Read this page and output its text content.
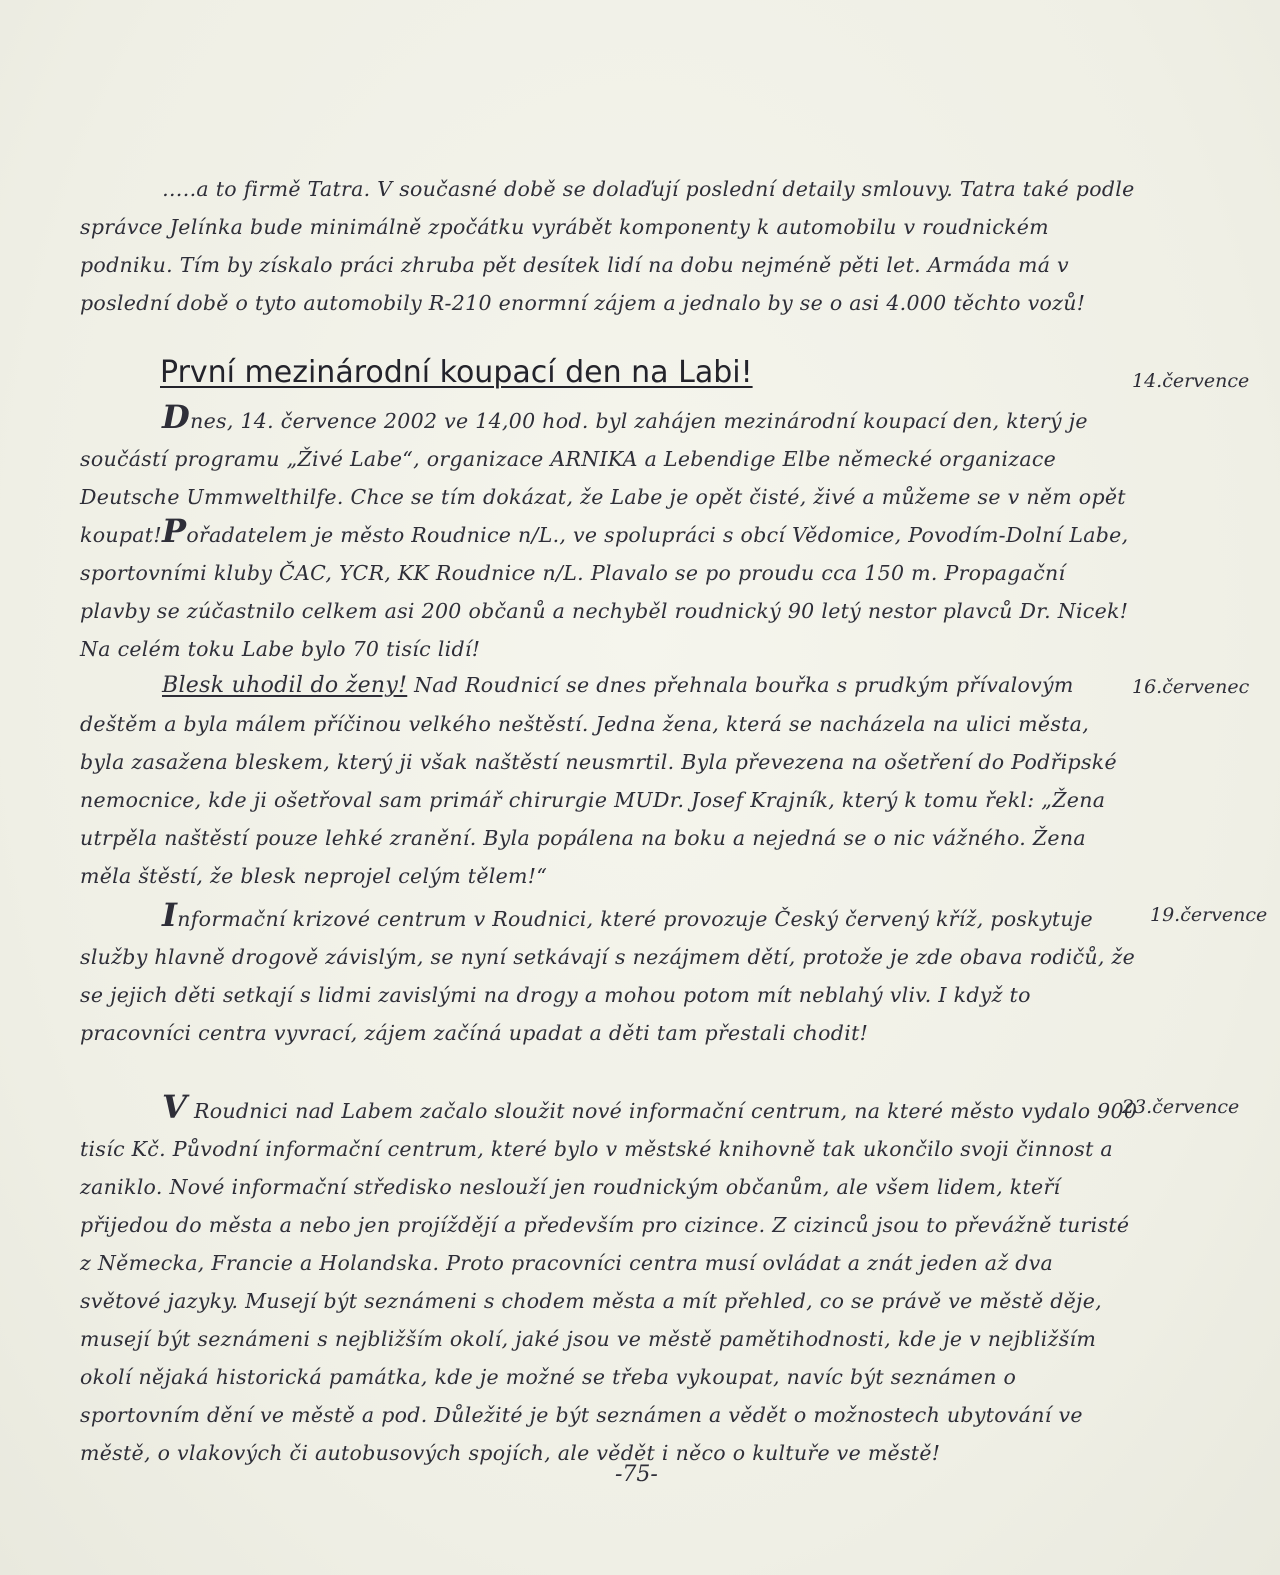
…..a to firmě Tatra. V současné době se dolaďují poslední detaily smlouvy. Tatra také podle správce Jelínka bude minimálně zpočátku vyrábět komponenty k automobilu v roudnickém podniku. Tím by získalo práci zhruba pět desítek lidí na dobu nejméně pěti let. Armáda má v poslední době o tyto automobily R-210 enormní zájem a jednalo by se o asi 4.000 těchto vozů!

První mezinárodní koupací den na Labi!	14.července

Dnes, 14. července 2002 ve 14,00 hod. byl zahájen mezinárodní koupací den, který je součástí programu „Živé Labe“, organizace ARNIKA a Lebendige Elbe německé organizace Deutsche Ummwelthilfe. Chce se tím dokázat, že Labe je opět čisté, živé a můžeme se v něm opět koupat! Pořadatelem je město Roudnice n/L., ve spolupráci s obcí Vědomice, Povodím-Dolní Labe, sportovními kluby ČAC, YCR, KK Roudnice n/L. Plavalo se po proudu cca 150 m. Propagační plavby se zúčastnilo celkem asi 200 občanů a nechyběl roudnický 90 letý nestor plavců Dr. Nicek! Na celém toku Labe bylo 70 tisíc lidí!

Blesk uhodil do ženy! Nad Roudnicí se dnes přehnala bouřka s prudkým přívalovým deštěm a byla málem příčinou velkého neštěstí. Jedna žena, která se nacházela na ulici města, byla zasažena bleskem, který ji však naštěstí neusmrtil. Byla převezena na ošetření do Podřipské nemocnice, kde ji ošetřoval sam primář chirurgie MUDr. Josef Krajník, který k tomu řekl: „Žena utrpěla naštěstí pouze lehké zranění. Byla popálena na boku a nejedná se o nic vážného. Žena měla štěstí, že blesk neprojel celým tělem!“

16.červenec

Informační krizové centrum v Roudnici, které provozuje Český červený kříž, poskytuje služby hlavně drogově závislým, se nyní setkávají s nezájmem dětí, protože je zde obava rodičů, že se jejich děti setkají s lidmi zavislými na drogy a mohou potom mít neblahý vliv. I když to pracovníci centra vyvrací, zájem začíná upadat a děti tam přestali chodit!

19.července

V Roudnici nad Labem začalo sloužit nové informační centrum, na které město vydalo 900 tisíc Kč. Původní informační centrum, které bylo v městské knihovně tak ukončilo svoji činnost a zaniklo. Nové informační středisko neslouží jen roudnickým občanům, ale všem lidem, kteří přijedou do města a nebo jen projíždějí a především pro cizince. Z cizinců jsou to převážně turisté z Německa, Francie a Holandska. Proto pracovníci centra musí ovládat a znát jeden až dva světové jazyky. Musejí být seznámeni s chodem města a mít přehled, co se právě ve městě děje, musejí být seznámeni s nejbližším okolí, jaké jsou ve městě pamětihodnosti, kde je v nejbližším okolí nějaká historická památka, kde je možné se třeba vykoupat, navíc být seznámen o sportovním dění ve městě a pod. Důležité je být seznámen a vědět o možnostech ubytování ve městě, o vlakových či autobusových spojích, ale vědět i něco o kultuře ve městě!

23.července
-75-
